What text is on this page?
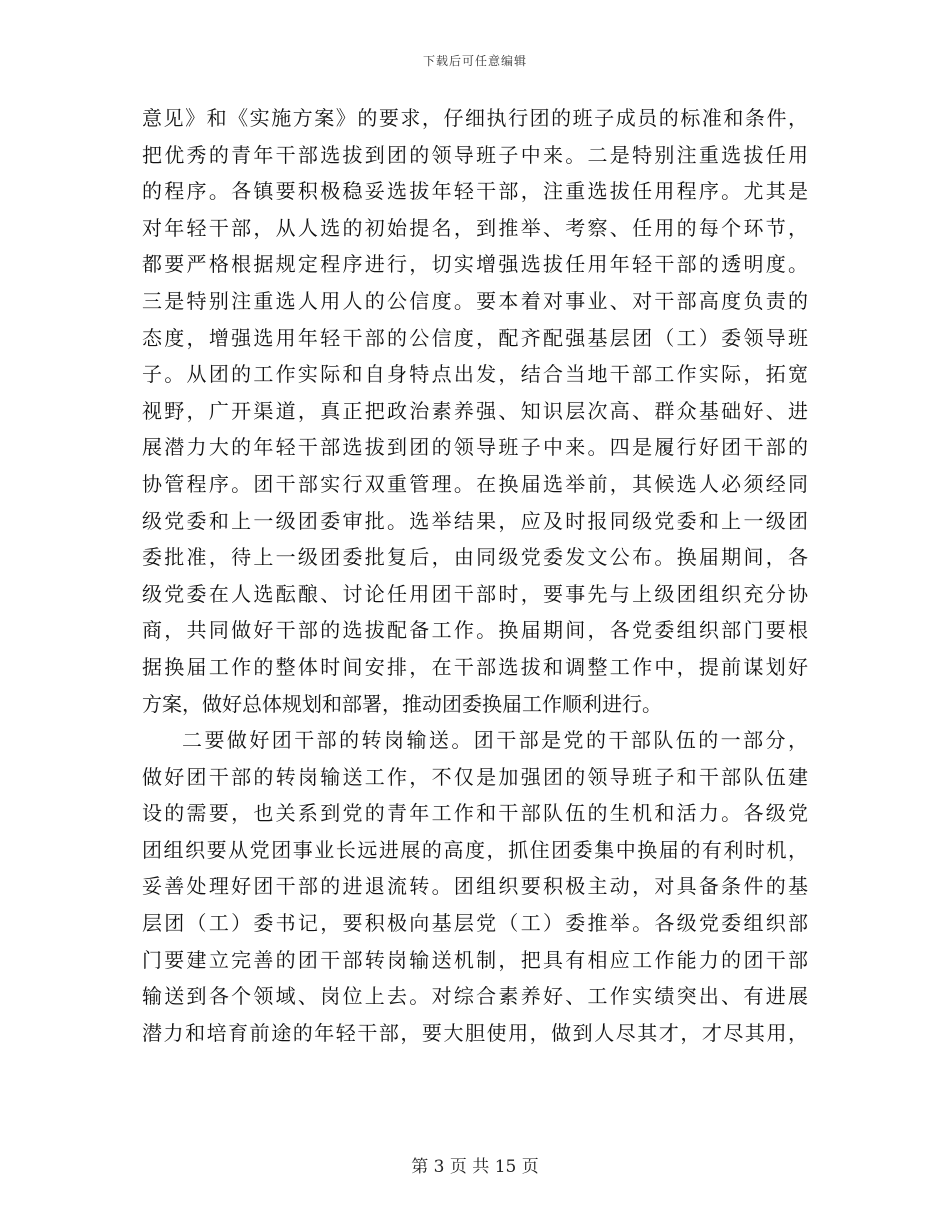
下载后可任意编辑
意见》和《实施方案》的要求，仔细执行团的班子成员的标准和条件，
把优秀的青年干部选拔到团的领导班子中来。二是特别注重选拔任用
的程序。各镇要积极稳妥选拔年轻干部，注重选拔任用程序。尤其是
对年轻干部，从人选的初始提名，到推举、考察、任用的每个环节，
都要严格根据规定程序进行，切实增强选拔任用年轻干部的透明度。
三是特别注重选人用人的公信度。要本着对事业、对干部高度负责的
态度，增强选用年轻干部的公信度，配齐配强基层团（工）委领导班
子。从团的工作实际和自身特点出发，结合当地干部工作实际，拓宽
视野，广开渠道，真正把政治素养强、知识层次高、群众基础好、进
展潜力大的年轻干部选拔到团的领导班子中来。四是履行好团干部的
协管程序。团干部实行双重管理。在换届选举前，其候选人必须经同
级党委和上一级团委审批。选举结果，应及时报同级党委和上一级团
委批准，待上一级团委批复后，由同级党委发文公布。换届期间，各
级党委在人选酝酿、讨论任用团干部时，要事先与上级团组织充分协
商，共同做好干部的选拔配备工作。换届期间，各党委组织部门要根
据换届工作的整体时间安排，在干部选拔和调整工作中，提前谋划好
方案，做好总体规划和部署，推动团委换届工作顺利进行。
二要做好团干部的转岗输送。团干部是党的干部队伍的一部分，
做好团干部的转岗输送工作，不仅是加强团的领导班子和干部队伍建
设的需要，也关系到党的青年工作和干部队伍的生机和活力。各级党
团组织要从党团事业长远进展的高度，抓住团委集中换届的有利时机，
妥善处理好团干部的进退流转。团组织要积极主动，对具备条件的基
层团（工）委书记，要积极向基层党（工）委推举。各级党委组织部
门要建立完善的团干部转岗输送机制，把具有相应工作能力的团干部
输送到各个领域、岗位上去。对综合素养好、工作实绩突出、有进展
潜力和培育前途的年轻干部，要大胆使用，做到人尽其才，才尽其用，
第 3 页 共 15 页
